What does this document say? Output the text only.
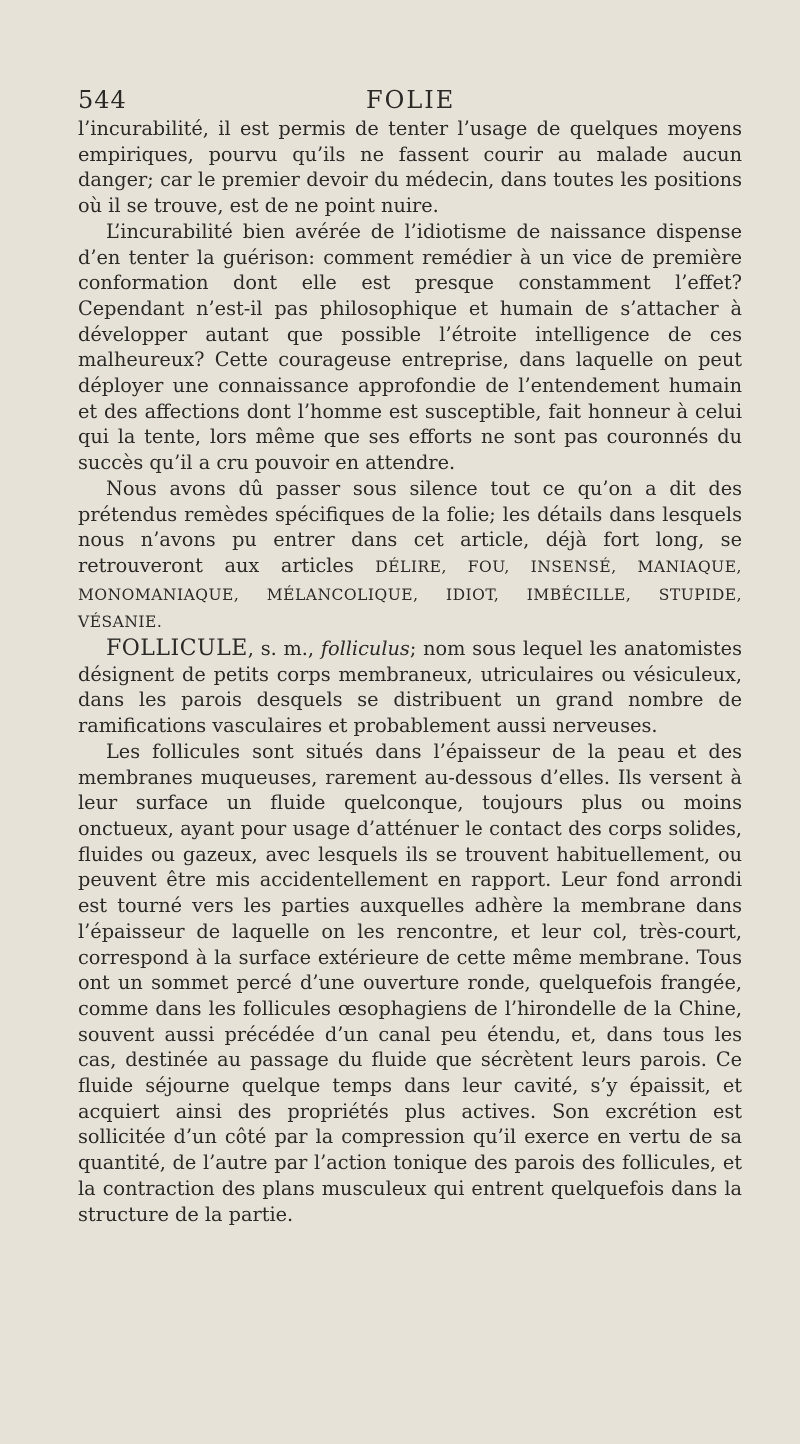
544	FOLIE

l’incurabilité, il est permis de tenter l’usage de quelques moyens empiriques, pourvu qu’ils ne fassent courir au malade aucun danger; car le premier devoir du médecin, dans toutes les positions où il se trouve, est de ne point nuire.

L’incurabilité bien avérée de l’idiotisme de naissance dispense d’en tenter la guérison: comment remédier à un vice de première conformation dont elle est presque constamment l’effet? Cependant n’est-il pas philosophique et humain de s’attacher à développer autant que possible l’étroite intelligence de ces malheureux? Cette courageuse entreprise, dans laquelle on peut déployer une connaissance approfondie de l’entendement humain et des affections dont l’homme est susceptible, fait honneur à celui qui la tente, lors même que ses efforts ne sont pas couronnés du succès qu’il a cru pouvoir en attendre.

Nous avons dû passer sous silence tout ce qu’on a dit des prétendus remèdes spécifiques de la folie; les détails dans lesquels nous n’avons pu entrer dans cet article, déjà fort long, se retrouveront aux articles DÉLIRE, FOU, INSENSÉ, MANIAQUE, MONOMANIAQUE, MÉLANCOLIQUE, IDIOT, IMBÉCILLE, STUPIDE, VÉSANIE.

FOLLICULE, s. m., folliculus; nom sous lequel les anatomistes désignent de petits corps membraneux, utriculaires ou vésiculeux, dans les parois desquels se distribuent un grand nombre de ramifications vasculaires et probablement aussi nerveuses.

Les follicules sont situés dans l’épaisseur de la peau et des membranes muqueuses, rarement au-dessous d’elles. Ils versent à leur surface un fluide quelconque, toujours plus ou moins onctueux, ayant pour usage d’atténuer le contact des corps solides, fluides ou gazeux, avec lesquels ils se trouvent habituellement, ou peuvent être mis accidentellement en rapport. Leur fond arrondi est tourné vers les parties auxquelles adhère la membrane dans l’épaisseur de laquelle on les rencontre, et leur col, très-court, correspond à la surface extérieure de cette même membrane. Tous ont un sommet percé d’une ouverture ronde, quelquefois frangée, comme dans les follicules œsophagiens de l’hirondelle de la Chine, souvent aussi précédée d’un canal peu étendu, et, dans tous les cas, destinée au passage du fluide que sécrètent leurs parois. Ce fluide séjourne quelque temps dans leur cavité, s’y épaissit, et acquiert ainsi des propriétés plus actives. Son excrétion est sollicitée d’un côté par la compression qu’il exerce en vertu de sa quantité, de l’autre par l’action tonique des parois des follicules, et la contraction des plans musculeux qui entrent quelquefois dans la structure de la partie.
